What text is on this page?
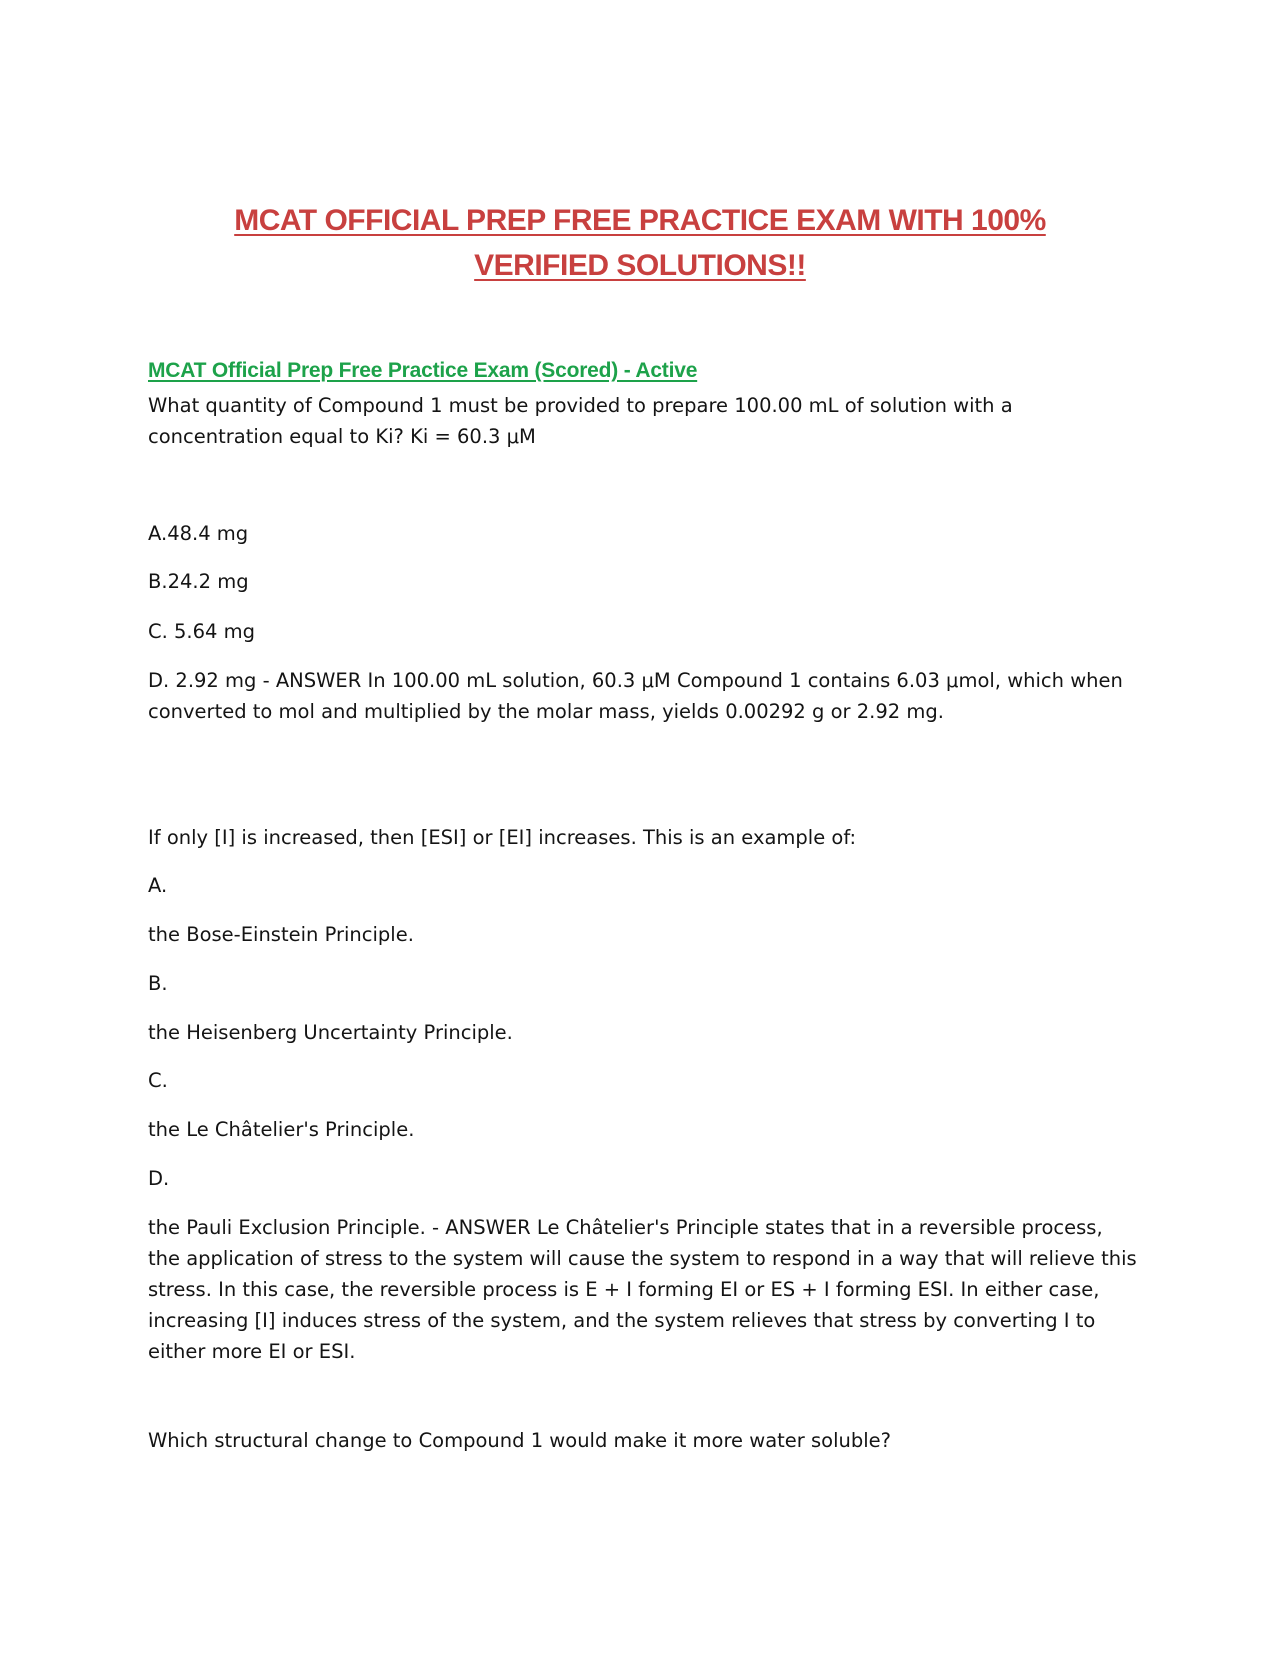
MCAT OFFICIAL PREP FREE PRACTICE EXAM WITH 100%
VERIFIED SOLUTIONS!!
MCAT Official Prep Free Practice Exam (Scored) - Active

What quantity of Compound 1 must be provided to prepare 100.00 mL of solution with a concentration equal to Ki? Ki = 60.3 μM

A.48.4 mg

B.24.2 mg

C. 5.64 mg

D. 2.92 mg - ANSWER In 100.00 mL solution, 60.3 μM Compound 1 contains 6.03 μmol, which when converted to mol and multiplied by the molar mass, yields 0.00292 g or 2.92 mg.

If only [I] is increased, then [ESI] or [EI] increases. This is an example of:

A.

the Bose-Einstein Principle.

B.

the Heisenberg Uncertainty Principle.

C.

the Le Châtelier's Principle.

D.

the Pauli Exclusion Principle. - ANSWER Le Châtelier's Principle states that in a reversible process, the application of stress to the system will cause the system to respond in a way that will relieve this stress. In this case, the reversible process is E + I forming EI or ES + I forming ESI. In either case, increasing [I] induces stress of the system, and the system relieves that stress by converting I to either more EI or ESI.

Which structural change to Compound 1 would make it more water soluble?
